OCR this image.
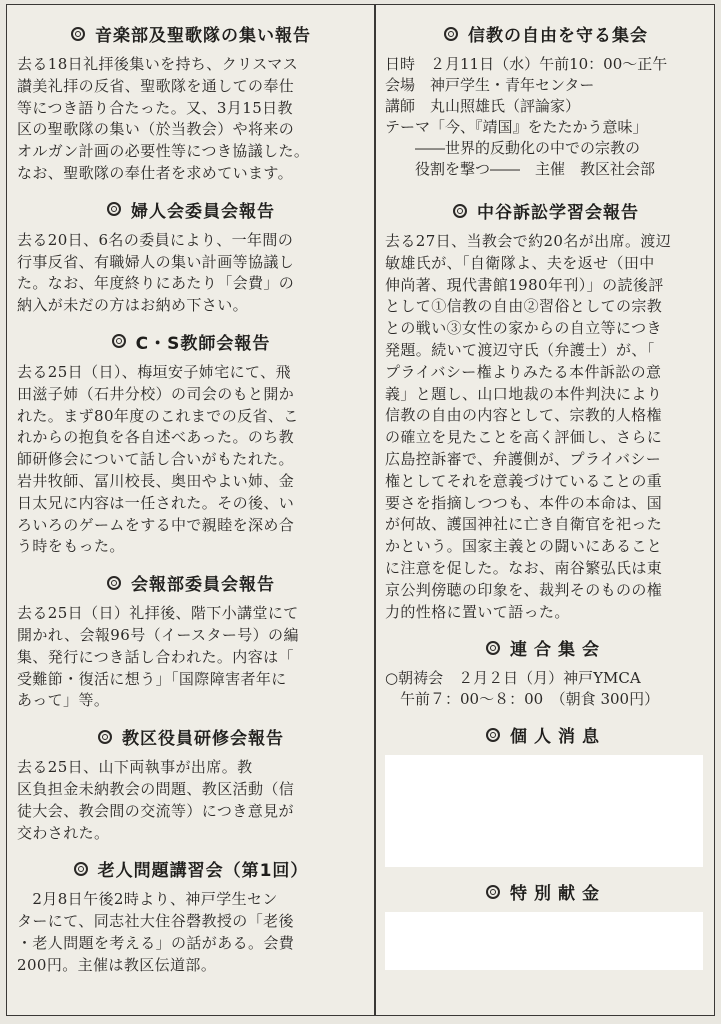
音楽部及聖歌隊の集い報告

去る18日礼拝後集いを持ち、クリスマス
讃美礼拝の反省、聖歌隊を通しての奉仕
等につき語り合たった。又、3月15日教
区の聖歌隊の集い（於当教会）や将来の
オルガン計画の必要性等につき協議した。
なお、聖歌隊の奉仕者を求めています。

婦人会委員会報告

去る20日、6名の委員により、一年間の
行事反省、有職婦人の集い計画等協議し
た。なお、年度終りにあたり「会費」の
納入が未だの方はお納め下さい。

C・S教師会報告

去る25日（日）、梅垣安子姉宅にて、飛
田滋子姉（石井分校）の司会のもと開か
れた。まず80年度のこれまでの反省、こ
れからの抱負を各自述べあった。のち教
師研修会について話し合いがもたれた。
岩井牧師、冨川校長、奥田やよい姉、金
日太兄に内容は一任された。その後、い
ろいろのゲームをする中で親睦を深め合
う時をもった。

会報部委員会報告

去る25日（日）礼拝後、階下小講堂にて
開かれ、会報96号（イースター号）の編
集、発行につき話し合われた。内容は「
受難節・復活に想う」「国際障害者年に
あって」等。

教区役員研修会報告

去る25日、山下両執事が出席。教
区負担金未納教会の問題、教区活動（信
徒大会、教会間の交流等）につき意見が
交わされた。

老人問題講習会（第1回）

　2月8日午後2時より、神戸学生セン
ターにて、同志社大住谷磬教授の「老後
・老人問題を考える」の話がある。会費
200円。主催は教区伝道部。

信教の自由を守る集会

日時　２月11日（水）午前10：00〜正午
会場　神戸学生・青年センター
講師　丸山照雄氏（評論家）
テーマ「今、『靖国』をたたかう意味」
　　――世界的反動化の中での宗教の
　　役割を撃つ――　主催　教区社会部

中谷訴訟学習会報告

去る27日、当教会で約20名が出席。渡辺
敏雄氏が、「自衛隊よ、夫を返せ（田中
伸尚著、現代書館1980年刊）」の読後評
として①信教の自由②習俗としての宗教
との戦い③女性の家からの自立等につき
発題。続いて渡辺守氏（弁護士）が、「
プライバシー権よりみたる本件訴訟の意
義」と題し、山口地裁の本件判決により
信教の自由の内容として、宗教的人格権
の確立を見たことを高く評価し、さらに
広島控訴審で、弁護側が、プライバシー
権としてそれを意義づけていることの重
要さを指摘しつつも、本件の本命は、国
が何故、護国神社に亡き自衛官を祀った
かという。国家主義との闘いにあること
に注意を促した。なお、南谷繁弘氏は東
京公判傍聴の印象を、裁判そのものの権
力的性格に置いて語った。

連合集会

○朝祷会　２月２日（月）神戸YMCA
　午前７：00〜８：00　（朝食 300円）

個人消息
特別献金
